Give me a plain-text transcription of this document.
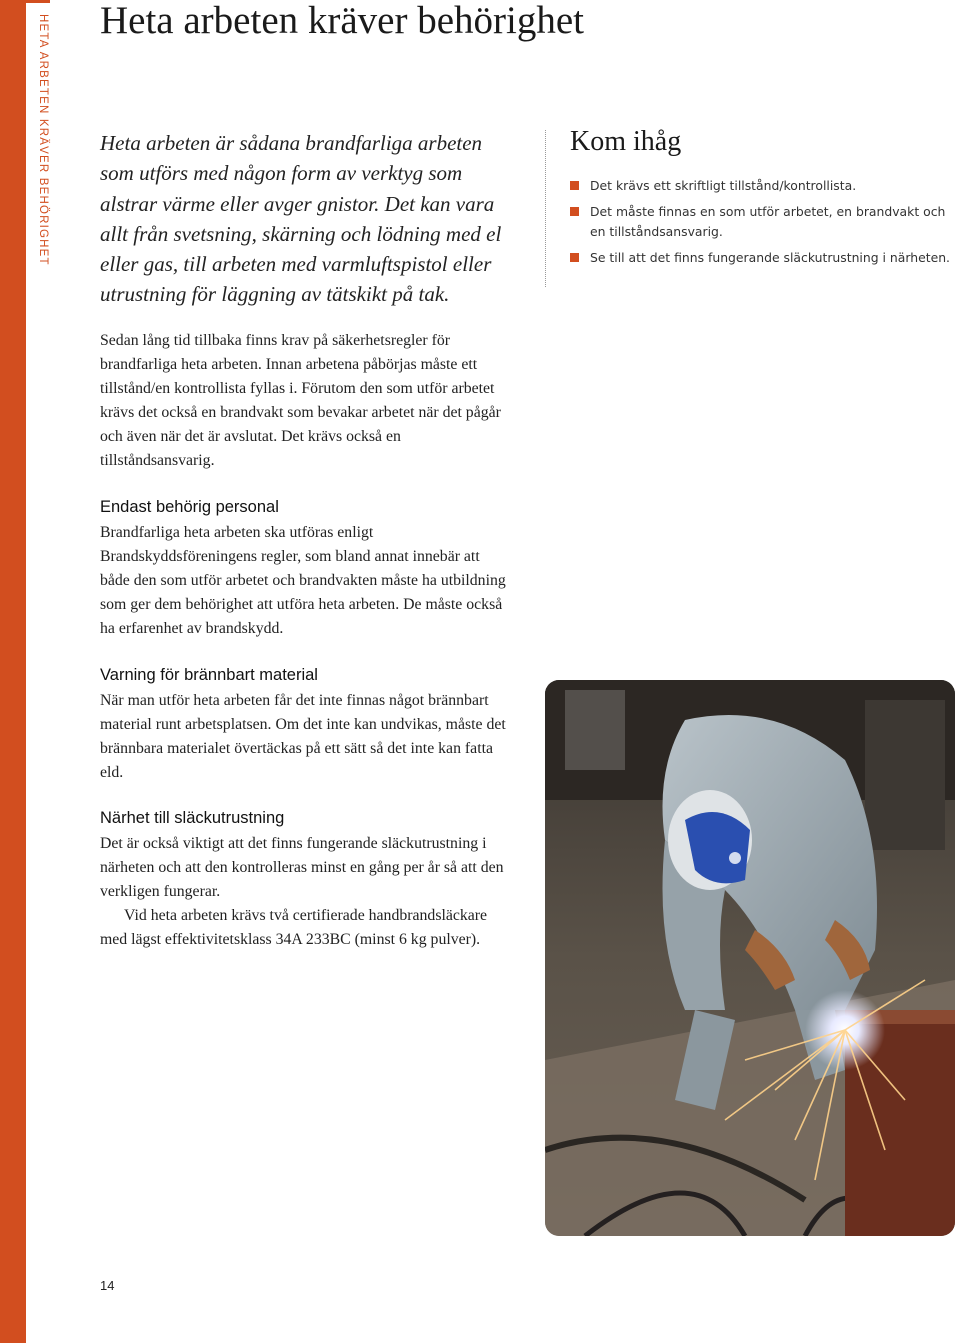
HETA ARBETEN KRÄVER BEHÖRIGHET Heta arbeten kräver behörighet

Heta arbeten är sådana brandfarliga arbeten som utförs med någon form av verktyg som alstrar värme eller avger gnistor. Det kan vara allt från svetsning, skärning och lödning med el eller gas, till arbeten med varmluftspistol eller utrustning för läggning av tätskikt på tak.

Kom ihåg
Det krävs ett skriftligt tillstånd/kontrollista.
Det måste finnas en som utför arbetet, en brandvakt och en tillståndsansvarig.
Se till att det finns fungerande släckutrustning i närheten.

Sedan lång tid tillbaka finns krav på säkerhetsregler för brandfarliga heta arbeten. Innan arbetena påbörjas måste ett tillstånd/en kontrollista fyllas i. Förutom den som utför arbetet krävs det också en brandvakt som bevakar arbetet när det pågår och även när det är avslutat. Det krävs också en tillståndsansvarig.

Endast behörig personal

Brandfarliga heta arbeten ska utföras enligt Brandskyddsföreningens regler, som bland annat innebär att både den som utför arbetet och brandvakten måste ha utbildning som ger dem behörighet att utföra heta arbeten. De måste också ha erfarenhet av brandskydd.

Varning för brännbart material

När man utför heta arbeten får det inte finnas något brännbart material runt arbetsplatsen. Om det inte kan undvikas, måste det brännbara materialet övertäckas på ett sätt så det inte kan fatta eld.

Närhet till släckutrustning

Det är också viktigt att det finns fungerande släckutrustning i närheten och att den kontrolleras minst en gång per år så att den verkligen fungerar.
Vid heta arbeten krävs två certifierade handbrandsläckare med lägst effektivitetsklass 34A 233BC (minst 6 kg pulver).

14
